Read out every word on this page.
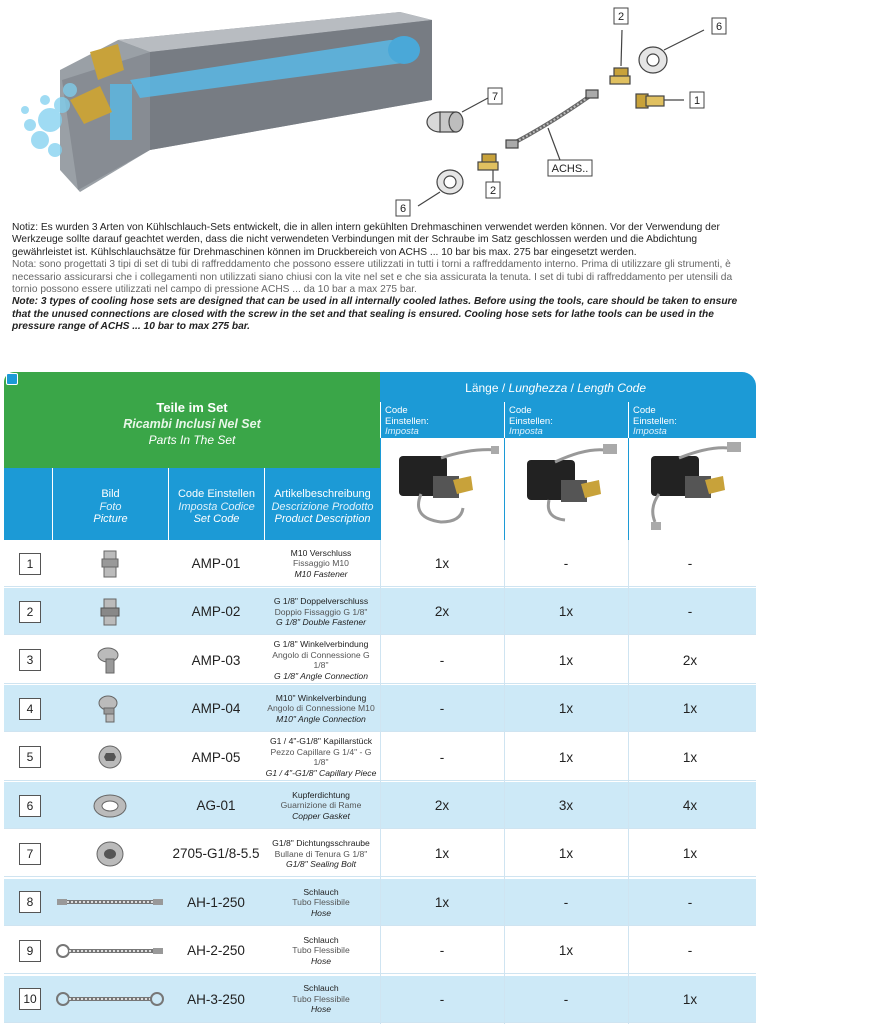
2
6
1
7
2
6
ACHS..

Notiz: Es wurden 3 Arten von Kühlschlauch-Sets entwickelt, die in allen intern gekühlten Drehmaschinen verwendet werden können. Vor der Verwendung der Werkzeuge sollte darauf geachtet werden, dass die nicht verwendeten Verbindungen mit der Schraube im Satz geschlossen werden und die Abdichtung gewährleistet ist. Kühlschlauchsätze für Drehmaschinen können im Druckbereich von ACHS ... 10 bar bis max. 275 bar eingesetzt werden.

Nota: sono progettati 3 tipi di set di tubi di raffreddamento che possono essere utilizzati in tutti i torni a raffreddamento interno. Prima di utilizzare gli strumenti, è necessario assicurarsi che i collegamenti non utilizzati siano chiusi con la vite nel set e che sia assicurata la tenuta. I set di tubi di raffreddamento per utensili da tornio possono essere utilizzati nel campo di pressione ACHS ... da 10 bar a max 275 bar.

Note: 3 types of cooling hose sets are designed that can be used in all internally cooled lathes. Before using the tools, care should be taken to ensure that the unused connections are closed with the screw in the set and that sealing is ensured. Cooling hose sets for lathe tools can be used in the pressure range of ACHS ... 10 bar to max 275 bar.

Teile im Set
Ricambi Inclusi Nel Set
Parts In The Set
Länge / Lunghezza / Length Code
Code Einstellen:
Imposta

Code Einstellen:
Imposta

Code Einstellen:
Imposta

ACHS-3-250
Bild
Foto
Picture
Code Einstellen
Imposta Codice
Set Code
Artikelbeschreibung
Descrizione Prodotto
Product Description
1	AMP-01
M10 Verschluss
Fissaggio M10
M10 Fastener
1x	-	-
2	AMP-02
G 1/8" Doppelverschluss
Doppio Fissaggio G 1/8"
G 1/8" Double Fastener
2x	1x	-
3	AMP-03
G 1/8" Winkelverbindung
Angolo di Connessione G 1/8"
G 1/8" Angle Connection
-	1x	2x
4	AMP-04
M10" Winkelverbindung
Angolo di Connessione M10
M10" Angle Connection
-	1x	1x
5	AMP-05
G1 / 4"-G1/8" Kapillarstück
Pezzo Capillare G 1/4" - G 1/8"
G1 / 4"-G1/8" Capillary Piece
-	1x	1x
6	AG-01
Kupferdichtung
Guarnizione di Rame
Copper Gasket
2x	3x	4x
7	2705-G1/8-5.5
G1/8" Dichtungsschraube
Bullane di Tenura G 1/8"
G1/8" Sealing Bolt
1x	1x	1x
8	AH-1-250
Schlauch
Tubo Flessibile
Hose
1x	-	-
9	AH-2-250
Schlauch
Tubo Flessibile
Hose
-	1x	-
10	AH-3-250
Schlauch
Tubo Flessibile
Hose
-	-	1x
